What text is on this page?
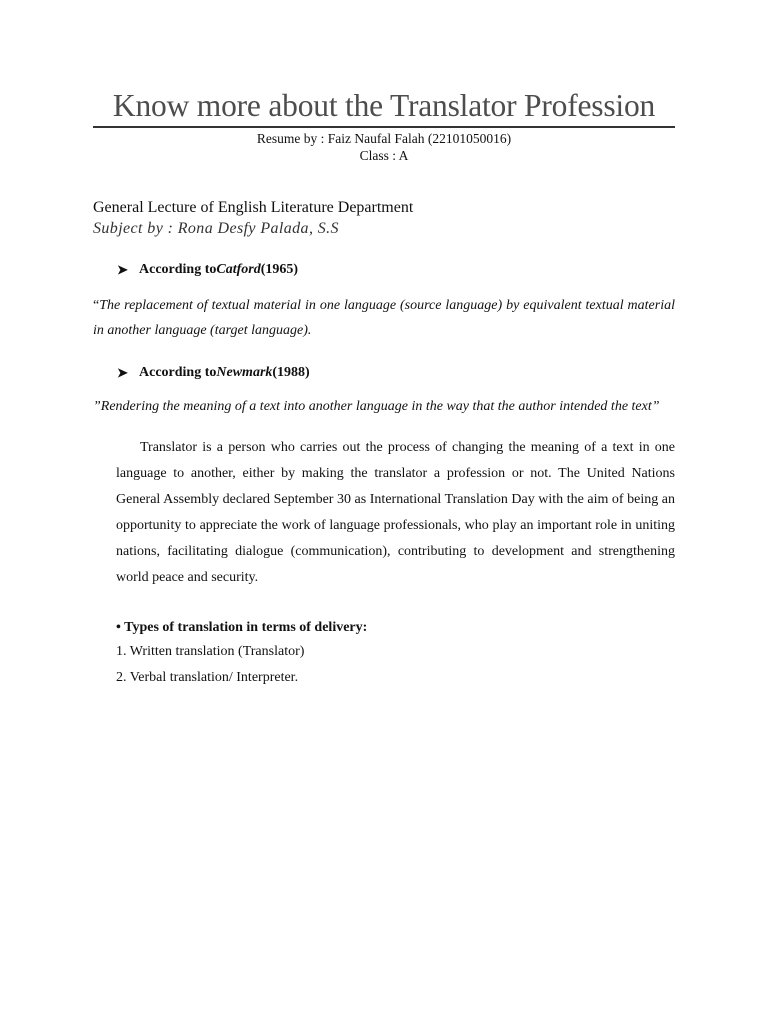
Know more about the Translator Profession
Resume by : Faiz Naufal Falah (22101050016)
Class : A
General Lecture of English Literature Department
Subject by : Rona Desfy Palada, S.S
➤ According to Catford (1965)
“The replacement of textual material in one language (source language) by equivalent textual material in another language (target language).
➤ According to Newmark (1988)
”Rendering the meaning of a text into another language in the way that the author intended the text”
Translator is a person who carries out the process of changing the meaning of a text in one language to another, either by making the translator a profession or not. The United Nations General Assembly declared September 30 as International Translation Day with the aim of being an opportunity to appreciate the work of language professionals, who play an important role in uniting nations, facilitating dialogue (communication), contributing to development and strengthening world peace and security.
• Types of translation in terms of delivery:
1. Written translation (Translator)
2. Verbal translation/ Interpreter.
